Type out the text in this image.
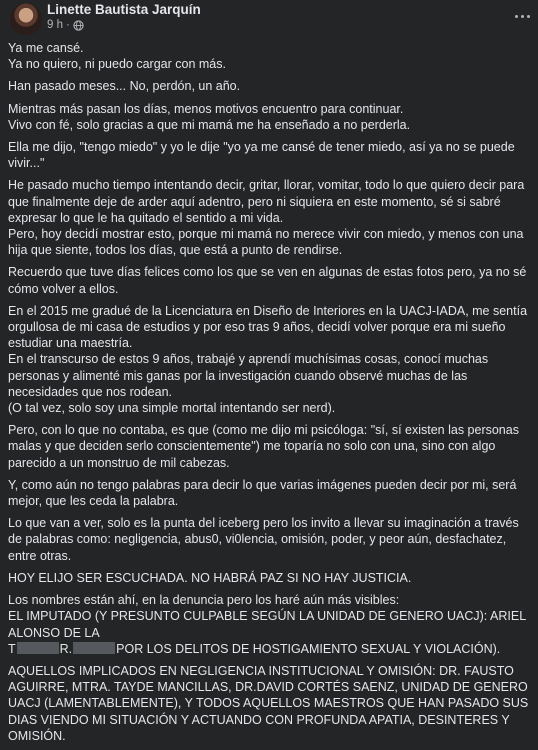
Linette Bautista Jarquín
9 h ·

Ya me cansé.
Ya no quiero, ni puedo cargar con más.

Han pasado meses... No, perdón, un año.

Mientras más pasan los días, menos motivos encuentro para continuar.
Vivo con fé, solo gracias a que mi mamá me ha enseñado a no perderla.

Ella me dijo, "tengo miedo" y yo le dije "yo ya me cansé de tener miedo, así ya no se puede vivir..."

He pasado mucho tiempo intentando decir, gritar, llorar, vomitar, todo lo que quiero decir para que finalmente deje de arder aquí adentro, pero ni siquiera en este momento, sé si sabré expresar lo que le ha quitado el sentido a mi vida.
Pero, hoy decidí mostrar esto, porque mi mamá no merece vivir con miedo, y menos con una hija que siente, todos los días, que está a punto de rendirse.

Recuerdo que tuve días felices como los que se ven en algunas de estas fotos pero, ya no sé cómo volver a ellos.

En el 2015 me gradué de la Licenciatura en Diseño de Interiores en la UACJ-IADA, me sentía orgullosa de mi casa de estudios y por eso tras 9 años, decidí volver porque era mi sueño estudiar una maestría.
En el transcurso de estos 9 años, trabajé y aprendí muchísimas cosas, conocí muchas personas y alimenté mis ganas por la investigación cuando observé muchas de las necesidades que nos rodean.
(O tal vez, solo soy una simple mortal intentando ser nerd).

Pero, con lo que no contaba, es que (como me dijo mi psicóloga: "sí, sí existen las personas malas y que deciden serlo conscientemente") me toparía no solo con una, sino con algo parecido a un monstruo de mil cabezas.

Y, como aún no tengo palabras para decir lo que varias imágenes pueden decir por mi, será mejor, que les ceda la palabra.

Lo que van a ver, solo es la punta del iceberg pero los invito a llevar su imaginación a través de palabras como: negligencia, abus0, vi0lencia, omisión, poder, y peor aún, desfachatez, entre otras.

HOY ELIJO SER ESCUCHADA. NO HABRÁ PAZ SI NO HAY JUSTICIA.

Los nombres están ahí, en la denuncia pero los haré aún más visibles:
EL IMPUTADO (Y PRESUNTO CULPABLE SEGÚN LA UNIDAD DE GENERO UACJ): ARIEL ALONSO DE LA
T	R.	POR LOS DELITOS DE HOSTIGAMIENTO SEXUAL Y VIOLACIÓN).

AQUELLOS IMPLICADOS EN NEGLIGENCIA INSTITUCIONAL Y OMISIÓN: DR. FAUSTO AGUIRRE, MTRA. TAYDE MANCILLAS, DR.DAVID CORTÉS SAENZ, UNIDAD DE GENERO UACJ (LAMENTABLEMENTE), Y TODOS AQUELLOS MAESTROS QUE HAN PASADO SUS DIAS VIENDO MI SITUACIÓN Y ACTUANDO CON PROFUNDA APATIA, DESINTERES Y OMISIÓN.
